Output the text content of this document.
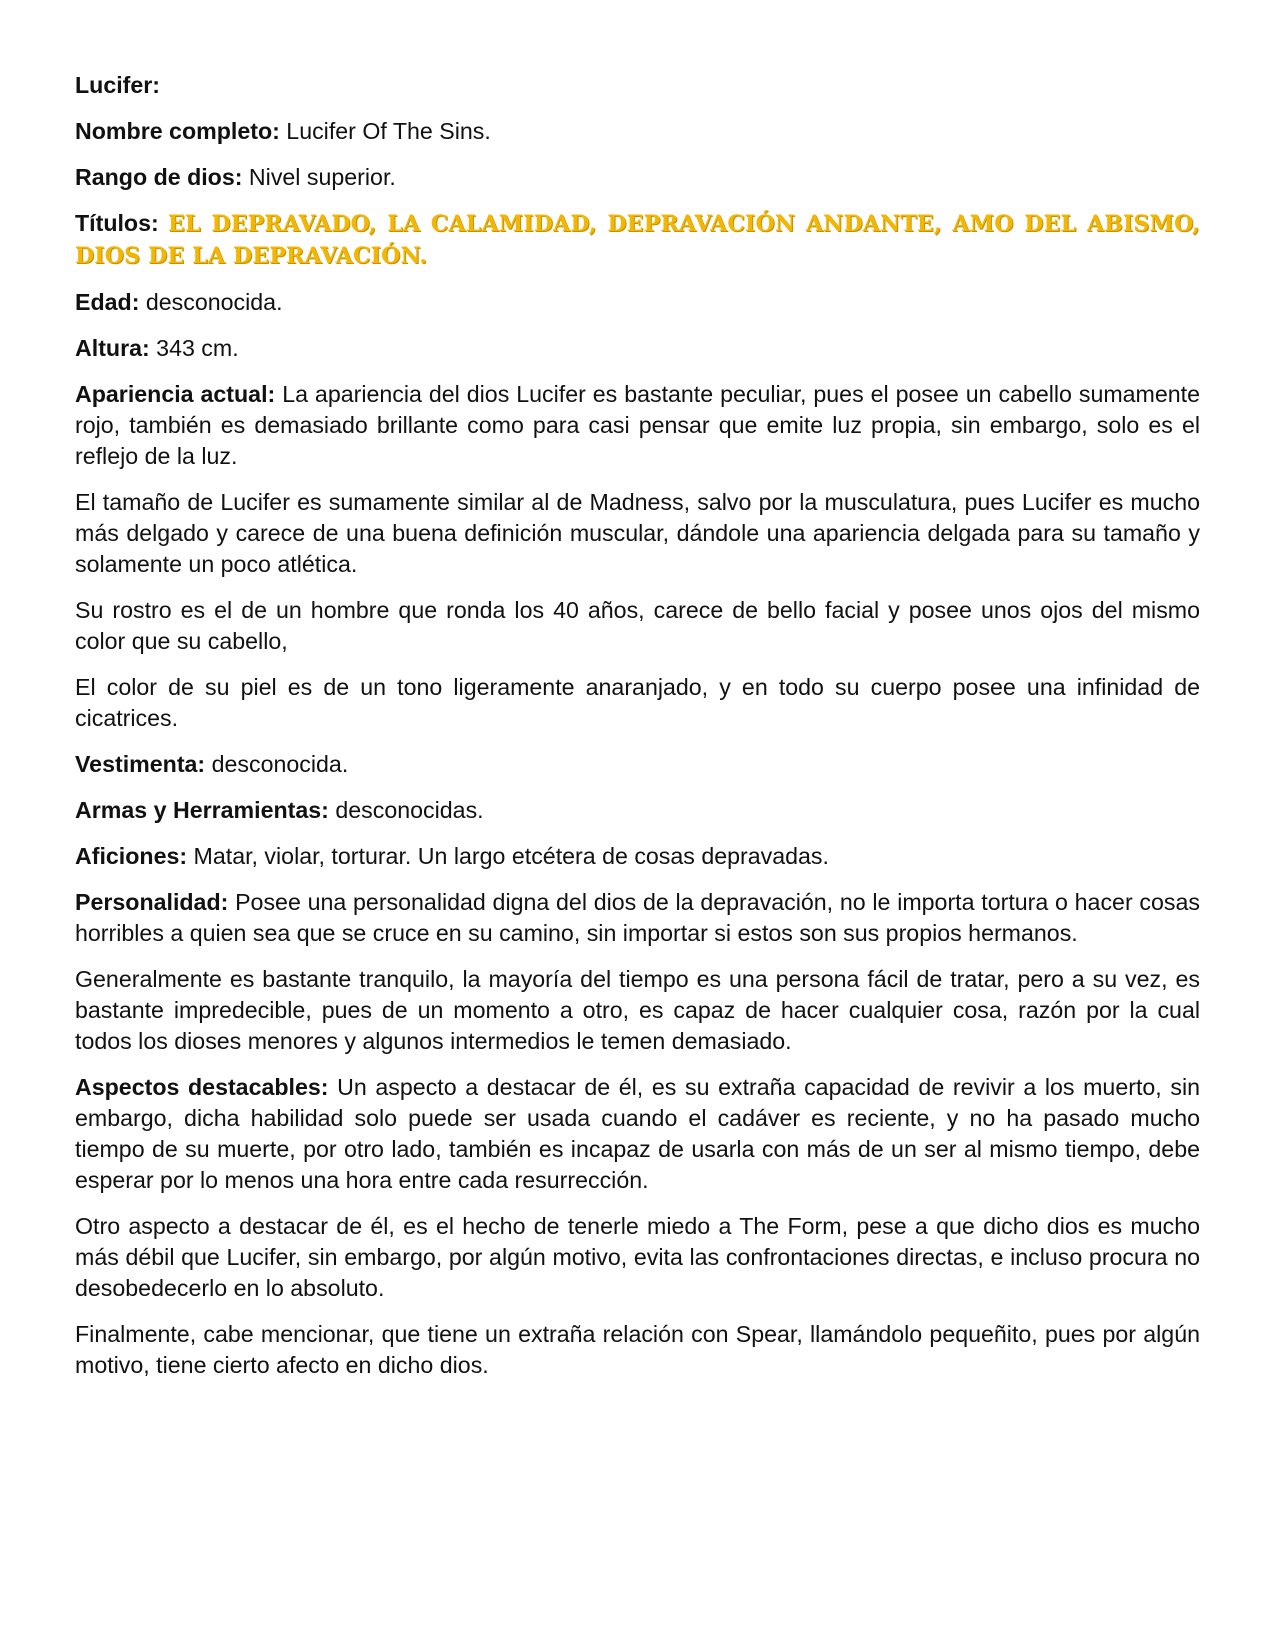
Lucifer:

Nombre completo: Lucifer Of The Sins.

Rango de dios: Nivel superior.

Títulos: EL DEPRAVADO, LA CALAMIDAD, DEPRAVACIÓN ANDANTE, AMO DEL ABISMO, DIOS DE LA DEPRAVACIÓN.

Edad: desconocida.

Altura: 343 cm.

Apariencia actual: La apariencia del dios Lucifer es bastante peculiar, pues el posee un cabello sumamente rojo, también es demasiado brillante como para casi pensar que emite luz propia, sin embargo, solo es el reflejo de la luz.

El tamaño de Lucifer es sumamente similar al de Madness, salvo por la musculatura, pues Lucifer es mucho más delgado y carece de una buena definición muscular, dándole una apariencia delgada para su tamaño y solamente un poco atlética.

Su rostro es el de un hombre que ronda los 40 años, carece de bello facial y posee unos ojos del mismo color que su cabello,

El color de su piel es de un tono ligeramente anaranjado, y en todo su cuerpo posee una infinidad de cicatrices.

Vestimenta: desconocida.

Armas y Herramientas: desconocidas.

Aficiones: Matar, violar, torturar. Un largo etcétera de cosas depravadas.

Personalidad: Posee una personalidad digna del dios de la depravación, no le importa tortura o hacer cosas horribles a quien sea que se cruce en su camino, sin importar si estos son sus propios hermanos.

Generalmente es bastante tranquilo, la mayoría del tiempo es una persona fácil de tratar, pero a su vez, es bastante impredecible, pues de un momento a otro, es capaz de hacer cualquier cosa, razón por la cual todos los dioses menores y algunos intermedios le temen demasiado.

Aspectos destacables: Un aspecto a destacar de él, es su extraña capacidad de revivir a los muerto, sin embargo, dicha habilidad solo puede ser usada cuando el cadáver es reciente, y no ha pasado mucho tiempo de su muerte, por otro lado, también es incapaz de usarla con más de un ser al mismo tiempo, debe esperar por lo menos una hora entre cada resurrección.

Otro aspecto a destacar de él, es el hecho de tenerle miedo a The Form, pese a que dicho dios es mucho más débil que Lucifer, sin embargo, por algún motivo, evita las confrontaciones directas, e incluso procura no desobedecerlo en lo absoluto.

Finalmente, cabe mencionar, que tiene un extraña relación con Spear, llamándolo pequeñito, pues por algún motivo, tiene cierto afecto en dicho dios.
